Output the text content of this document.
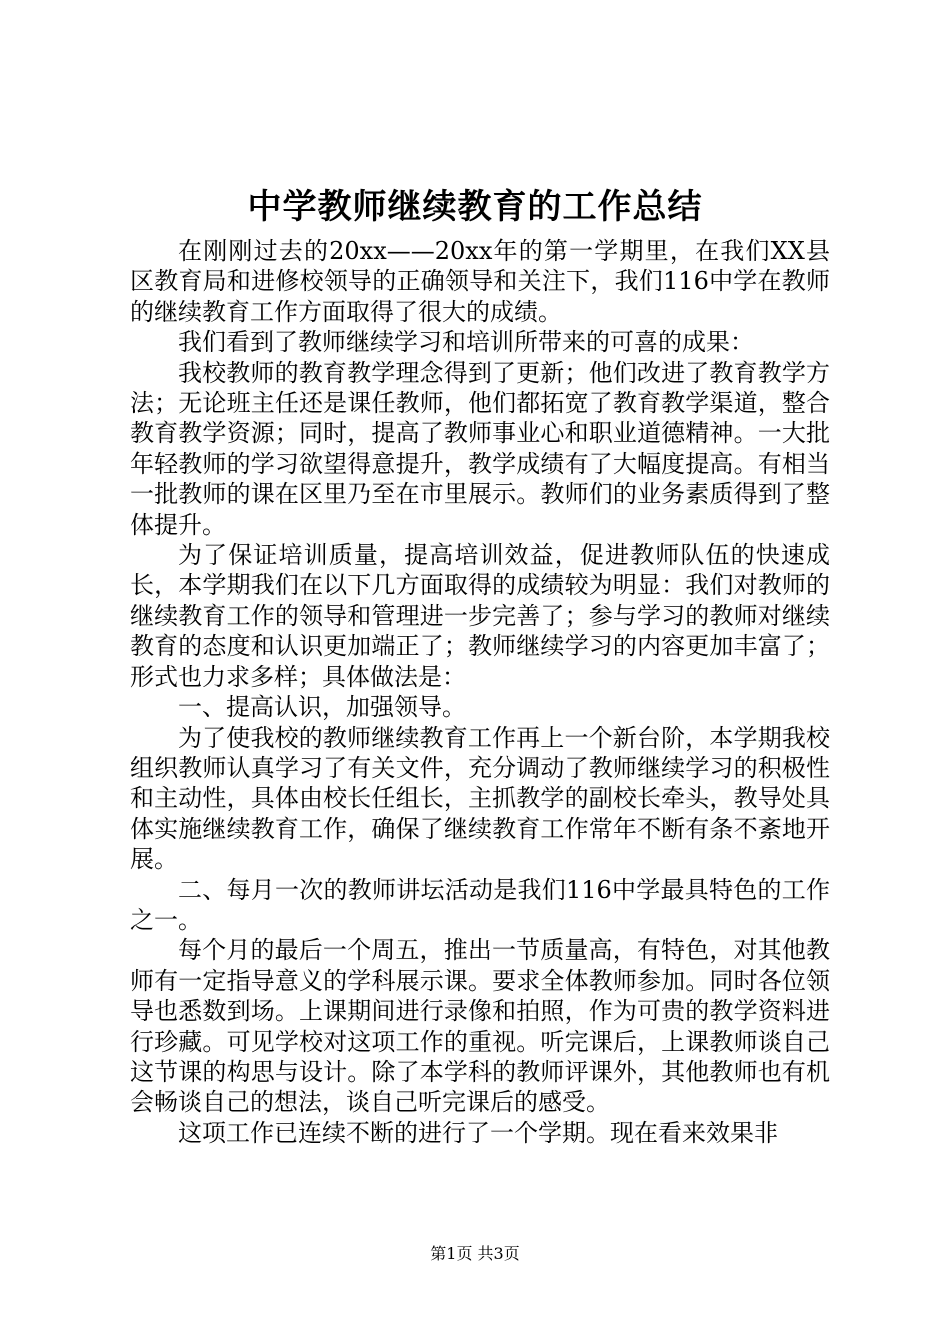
中学教师继续教育的工作总结

在刚刚过去的20xx——20xx年的第一学期里，在我们XX县区教育局和进修校领导的正确领导和关注下，我们116中学在教师的继续教育工作方面取得了很大的成绩。

我们看到了教师继续学习和培训所带来的可喜的成果：

我校教师的教育教学理念得到了更新；他们改进了教育教学方法；无论班主任还是课任教师，他们都拓宽了教育教学渠道，整合教育教学资源；同时，提高了教师事业心和职业道德精神。一大批年轻教师的学习欲望得意提升，教学成绩有了大幅度提高。有相当一批教师的课在区里乃至在市里展示。教师们的业务素质得到了整体提升。

为了保证培训质量，提高培训效益，促进教师队伍的快速成长，本学期我们在以下几方面取得的成绩较为明显：我们对教师的继续教育工作的领导和管理进一步完善了；参与学习的教师对继续教育的态度和认识更加端正了；教师继续学习的内容更加丰富了；形式也力求多样；具体做法是：

一、提高认识，加强领导。

为了使我校的教师继续教育工作再上一个新台阶，本学期我校组织教师认真学习了有关文件，充分调动了教师继续学习的积极性和主动性，具体由校长任组长，主抓教学的副校长牵头，教导处具体实施继续教育工作，确保了继续教育工作常年不断有条不紊地开展。

二、每月一次的教师讲坛活动是我们116中学最具特色的工作之一。

每个月的最后一个周五，推出一节质量高，有特色，对其他教师有一定指导意义的学科展示课。要求全体教师参加。同时各位领导也悉数到场。上课期间进行录像和拍照，作为可贵的教学资料进行珍藏。可见学校对这项工作的重视。听完课后，上课教师谈自己这节课的构思与设计。除了本学科的教师评课外，其他教师也有机会畅谈自己的想法，谈自己听完课后的感受。

这项工作已连续不断的进行了一个学期。现在看来效果非

第1页 共3页
